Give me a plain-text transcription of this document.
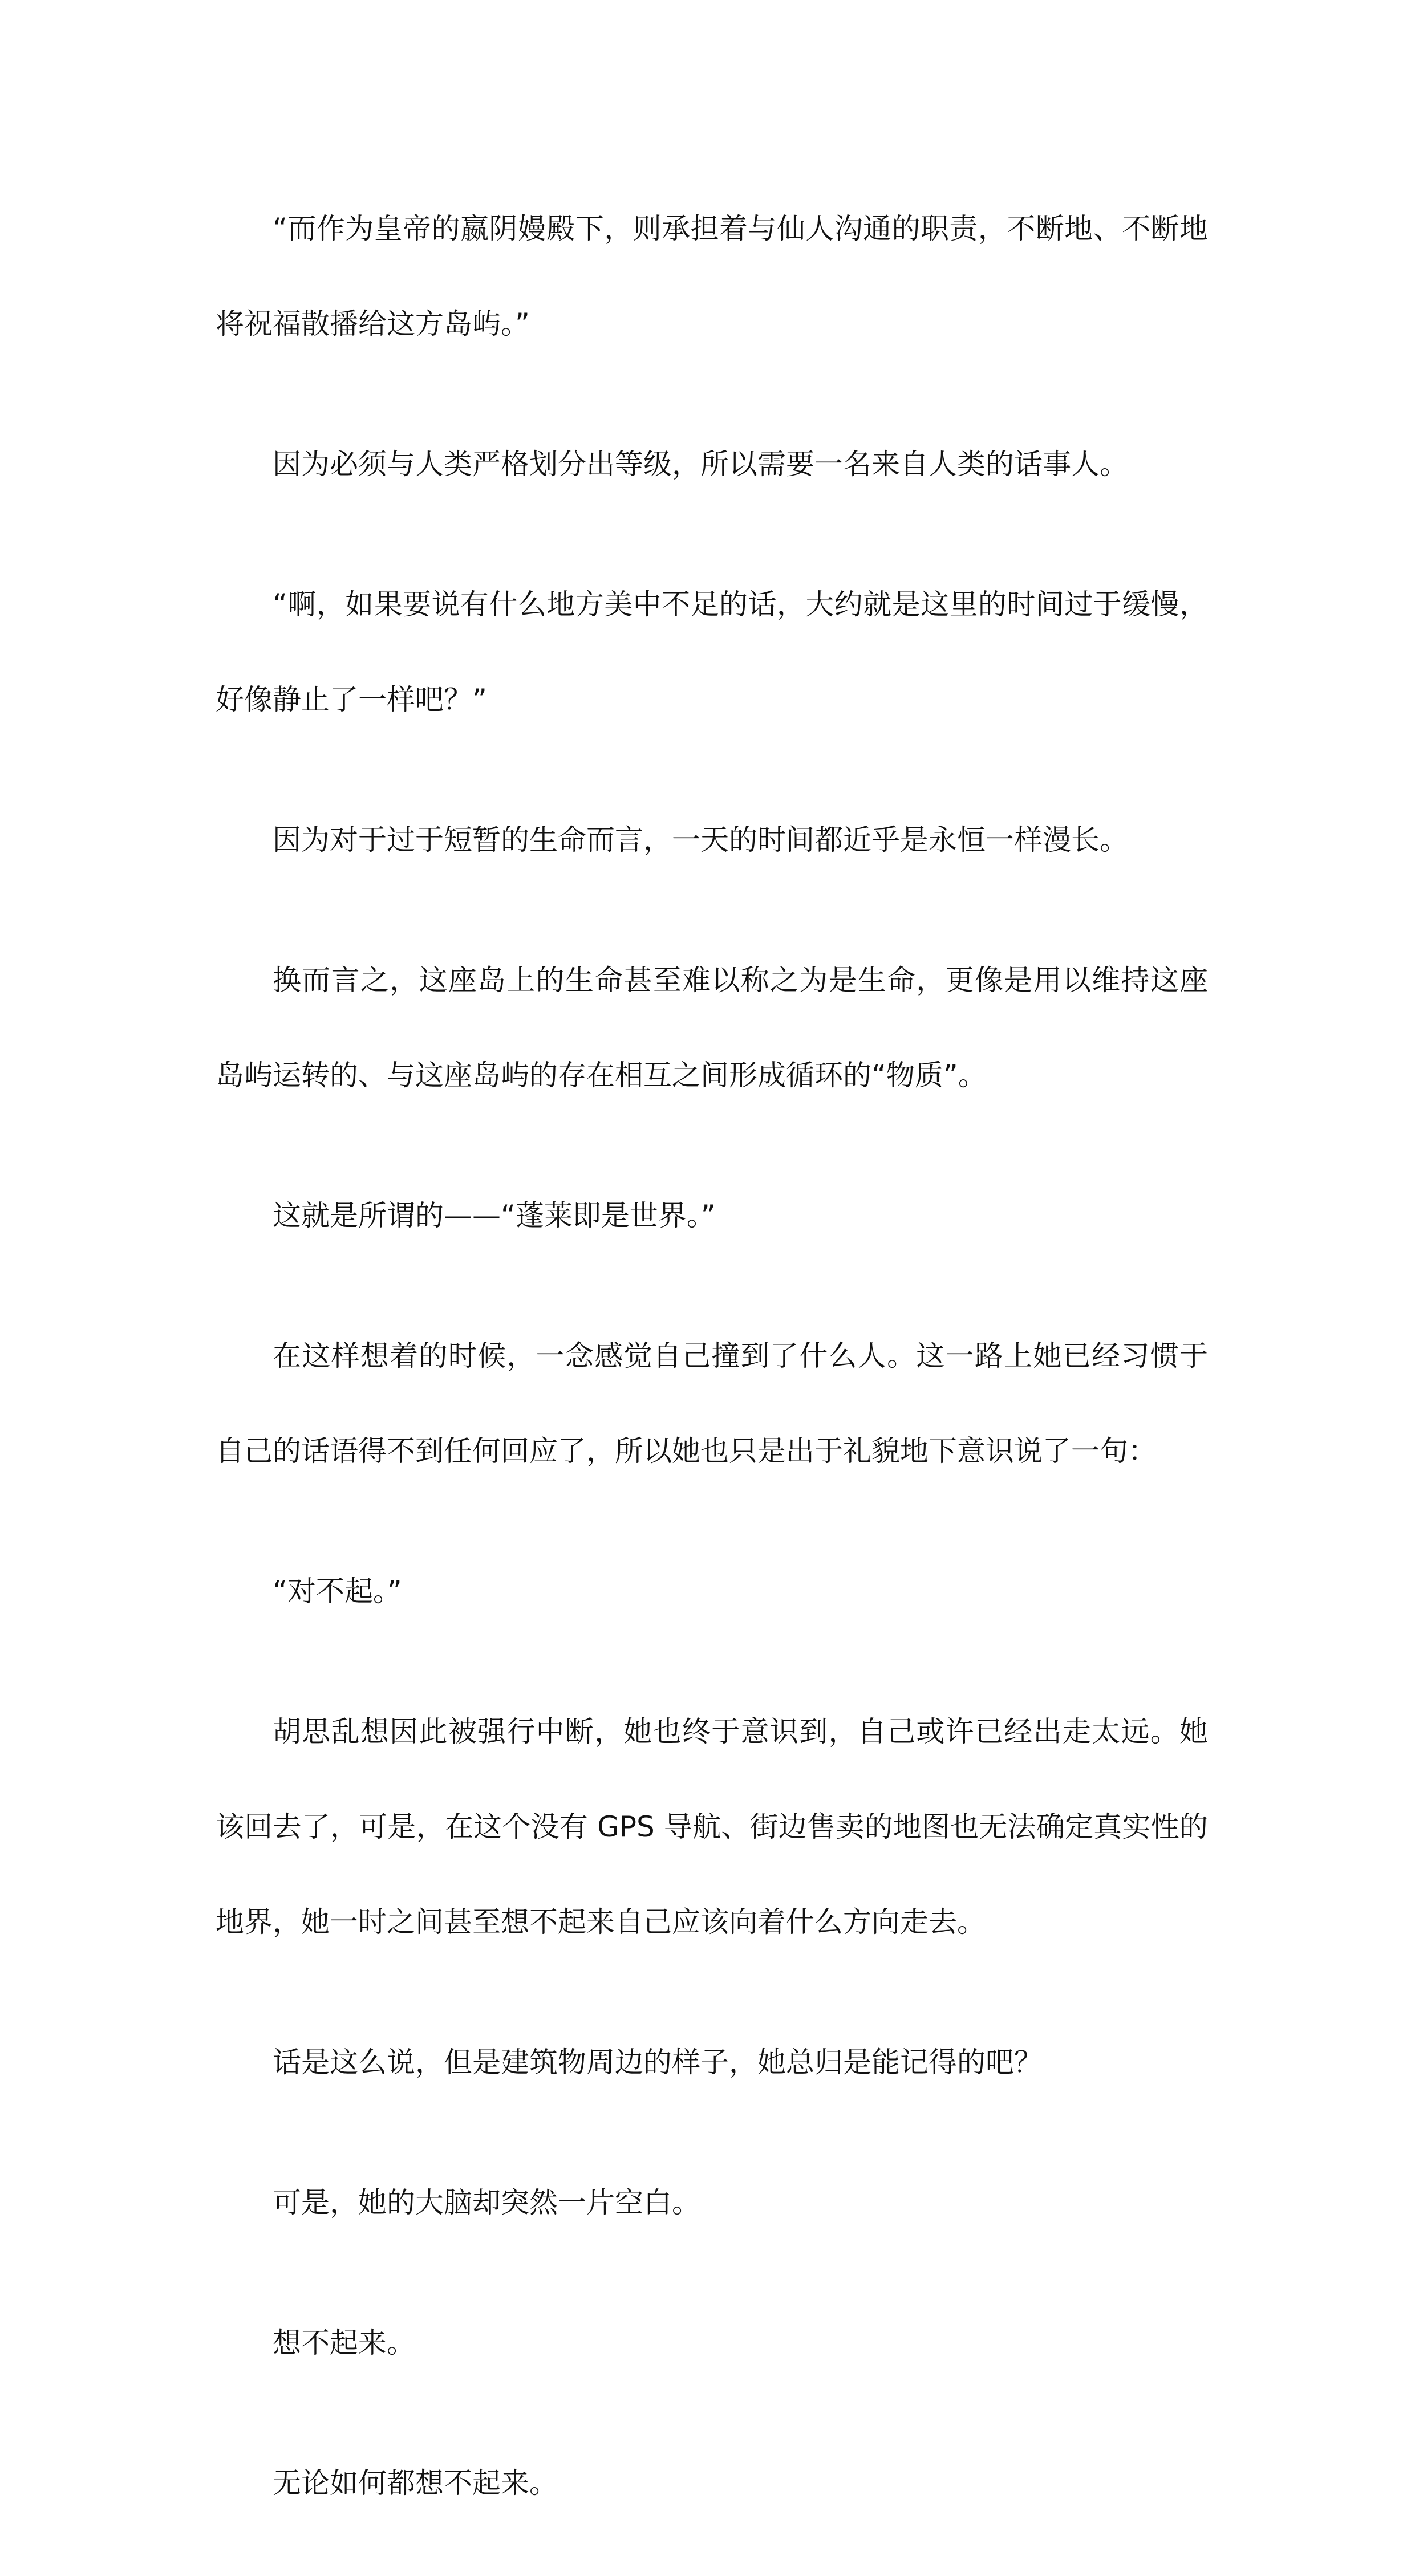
“而作为皇帝的嬴阴嫚殿下，则承担着与仙人沟通的职责，不断地、不断地将祝福散播给这方岛屿。”

因为必须与人类严格划分出等级，所以需要一名来自人类的话事人。

“啊，如果要说有什么地方美中不足的话，大约就是这里的时间过于缓慢，好像静止了一样吧？”

因为对于过于短暂的生命而言，一天的时间都近乎是永恒一样漫长。

换而言之，这座岛上的生命甚至难以称之为是生命，更像是用以维持这座岛屿运转的、与这座岛屿的存在相互之间形成循环的“物质”。

这就是所谓的——“蓬莱即是世界。”

在这样想着的时候，一念感觉自己撞到了什么人。这一路上她已经习惯于自己的话语得不到任何回应了，所以她也只是出于礼貌地下意识说了一句：

“对不起。”

胡思乱想因此被强行中断，她也终于意识到，自己或许已经出走太远。她该回去了，可是，在这个没有 GPS 导航、街边售卖的地图也无法确定真实性的地界，她一时之间甚至想不起来自己应该向着什么方向走去。

话是这么说，但是建筑物周边的样子，她总归是能记得的吧？

可是，她的大脑却突然一片空白。

想不起来。

无论如何都想不起来。
